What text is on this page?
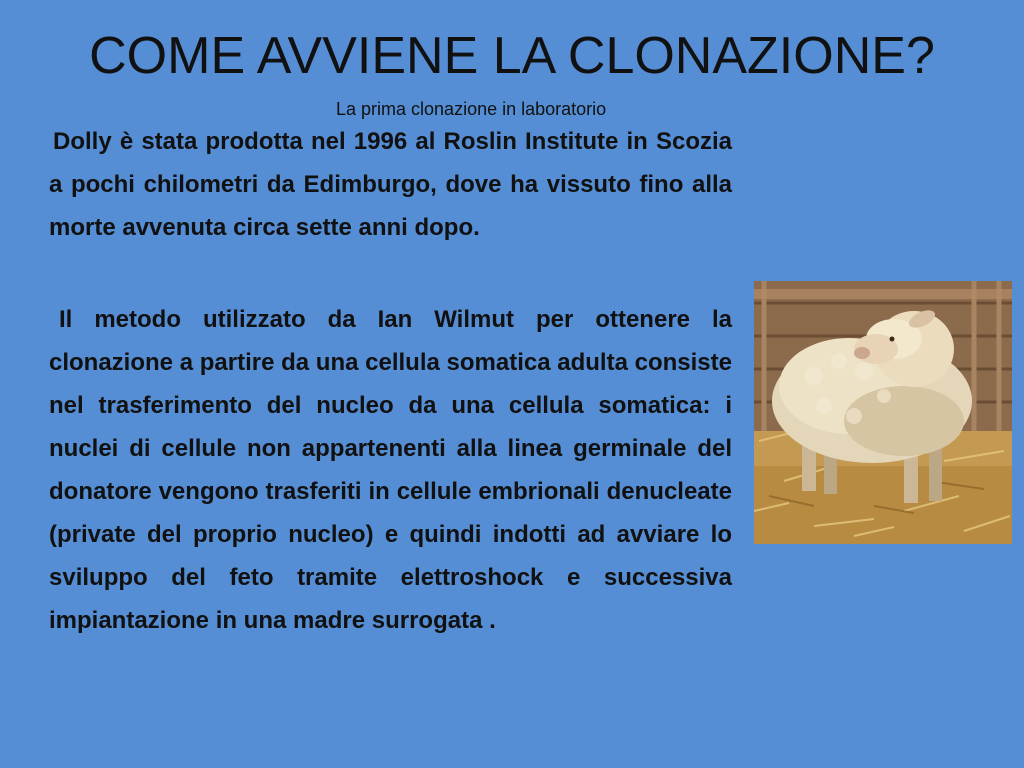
COME AVVIENE LA CLONAZIONE?
La prima clonazione in laboratorio

Dolly è stata prodotta nel 1996 al Roslin Institute in Scozia a pochi chilometri da Edimburgo, dove ha vissuto fino alla morte avvenuta circa sette anni dopo.

Il metodo utilizzato da Ian Wilmut per ottenere la clonazione a partire da una cellula somatica adulta consiste nel trasferimento del nucleo da una cellula somatica: i nuclei di cellule non appartenenti alla linea germinale del donatore vengono trasferiti in cellule embrionali denucleate (private del proprio nucleo) e quindi indotti ad avviare lo sviluppo del feto tramite elettroshock e successiva impiantazione in una madre surrogata .
